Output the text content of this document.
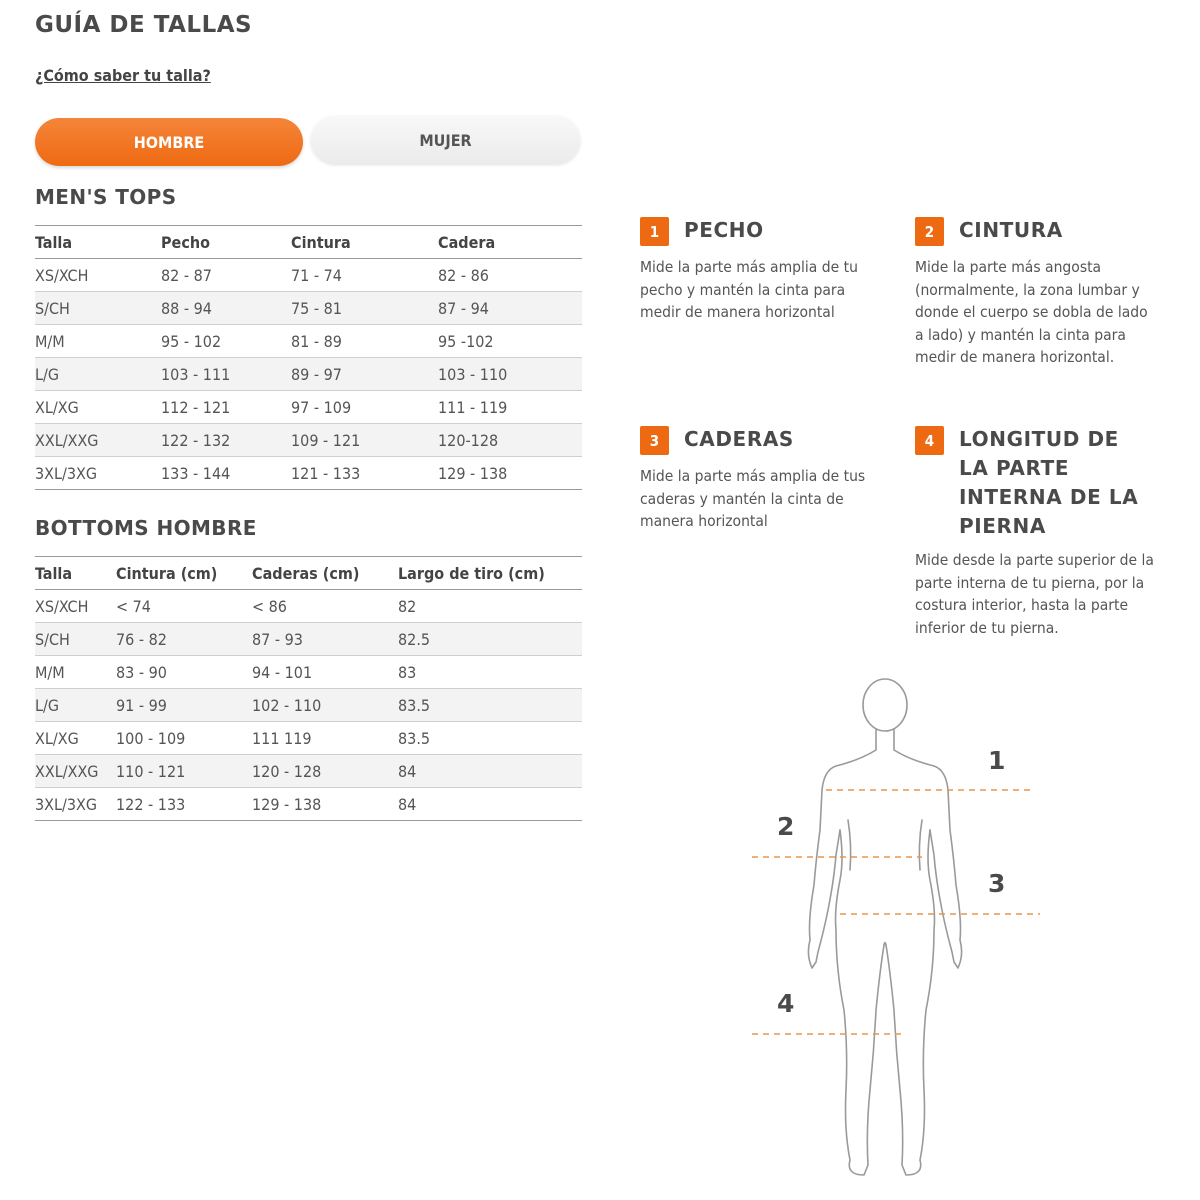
GUÍA DE TALLAS
¿Cómo saber tu talla?
HOMBRE	MUJER
MEN'S TOPS
Talla	Pecho	Cintura	Cadera
XS/XCH	82 - 87	71 - 74	82 - 86
S/CH	88 - 94	75 - 81	87 - 94
M/M	95 - 102	81 - 89	95 -102
L/G	103 - 111	89 - 97	103 - 110
XL/XG	112 - 121	97 - 109	111 - 119
XXL/XXG	122 - 132	109 - 121	120-128
3XL/3XG	133 - 144	121 - 133	129 - 138
BOTTOMS HOMBRE
Talla	Cintura (cm)	Caderas (cm)	Largo de tiro (cm)
XS/XCH	< 74	< 86	82
S/CH	76 - 82	87 - 93	82.5
M/M	83 - 90	94 - 101	83
L/G	91 - 99	102 - 110	83.5
XL/XG	100 - 109	111 119	83.5
XXL/XXG	110 - 121	120 - 128	84
3XL/3XG	122 - 133	129 - 138	84
1	PECHO
Mide la parte más amplia de tu pecho y mantén la cinta para medir de manera horizontal
2	CINTURA
Mide la parte más angosta (normalmente, la zona lumbar y donde el cuerpo se dobla de lado a lado) y mantén la cinta para medir de manera horizontal.
3	CADERAS
Mide la parte más amplia de tus caderas y mantén la cinta de manera horizontal
4	LONGITUD DE LA PARTE INTERNA DE LA PIERNA
Mide desde la parte superior de la parte interna de tu pierna, por la costura interior, hasta la parte inferior de tu pierna.
1
2
3
4
